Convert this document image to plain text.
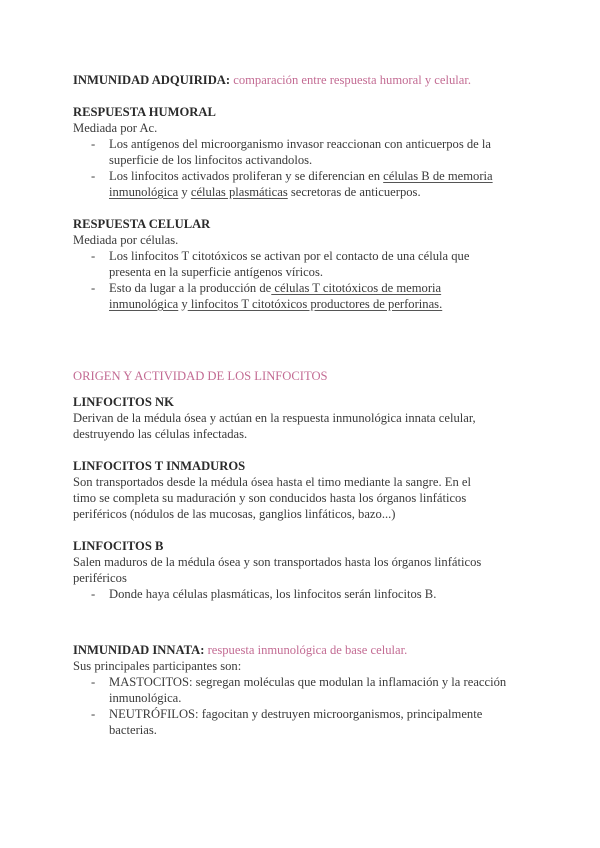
INMUNIDAD ADQUIRIDA: comparación entre respuesta humoral y celular.
RESPUESTA HUMORAL
Mediada por Ac.
- Los antígenos del microorganismo invasor reaccionan con anticuerpos de la
superficie de los linfocitos activandolos.
- Los linfocitos activados proliferan y se diferencian en células B de memoria
inmunológica y células plasmáticas secretoras de anticuerpos.
RESPUESTA CELULAR
Mediada por células.
- Los linfocitos T citotóxicos se activan por el contacto de una célula que
presenta en la superficie antígenos víricos.
- Esto da lugar a la producción de células T citotóxicos de memoria
inmunológica y linfocitos T citotóxicos productores de perforinas.
ORIGEN Y ACTIVIDAD DE LOS LINFOCITOS
LINFOCITOS NK
Derivan de la médula ósea y actúan en la respuesta inmunológica innata celular,
destruyendo las células infectadas.
LINFOCITOS T INMADUROS
Son transportados desde la médula ósea hasta el timo mediante la sangre. En el
timo se completa su maduración y son conducidos hasta los órganos linfáticos
periféricos (nódulos de las mucosas, ganglios linfáticos, bazo...)
LINFOCITOS B
Salen maduros de la médula ósea y son transportados hasta los órganos linfáticos
periféricos
- Donde haya células plasmáticas, los linfocitos serán linfocitos B.
INMUNIDAD INNATA: respuesta inmunológica de base celular.
Sus principales participantes son:
- MASTOCITOS: segregan moléculas que modulan la inflamación y la reacción
inmunológica.
- NEUTRÓFILOS: fagocitan y destruyen microorganismos, principalmente
bacterias.
